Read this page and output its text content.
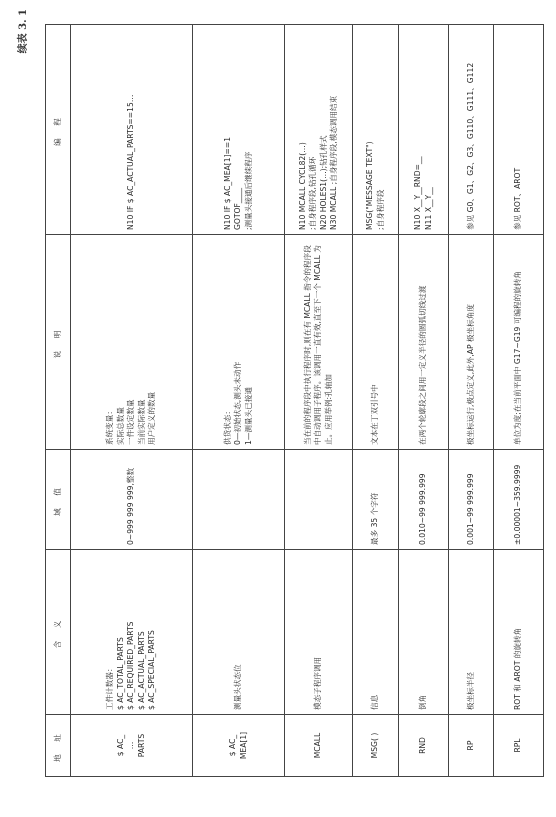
续表 3. 1
地 址	含 义	域 值	说 明	编 程
$ AC_
…
PARTS	工件计数器：
$ AC_TOTAL_PARTS
$ AC_REQUIRED_PARTS
$ AC_ACTUAL_PARTS
$ AC_SPECIAL_PARTS	0~999 999 999,整数	系统变量：
实际总数量
一件设定数量
当前实际数量
用户定义的数量	N10 IF $ AC_ACTUAL_PARTS==15…
$ AC_
MEA[1]	测量头状态位		供货状态：
0—初始状态,测头未动作
1—测量头已接通	N10 IF $ AC_MEA[1]==1
GOTOF____
;测量头接通后继续程序
MCALL	模态子程序调用		当在前的程序段中执行程序时,则在有 MCALL 指令的程序段中自动调用子程序。该调用一直有效,直至下一个 MCALL 为止。应用举例:孔轴加	N10 MCALL CYCL82(…)
;自身程序段,钻孔循环
N20 HOLES1(…);钻孔样式
N30 MCALL ;自身程序段,模态调用结束
MSG( )	信息	最多 35 个字符	文本在丁双引号中	MSG("MESSAGE TEXT")
;自身程序段
RND	倒角	0.010~99 999.999	在两个轮廓段之间用一定义半径的圆弧切线过渡	N10 X__Y__RND=__
N11 X__Y__
RP	极坐标半径	0.001~99 999.999	极坐标运行,极点定义,此外,AP 极坐标角度	参见 G0、G1、G2、G3、G110、G111、G112
RPL	ROT 和 AROT 的旋转角	±0.00001~359.9999	单位为度;在当前平面中 G17~G19 可编程的旋转角	参见 ROT、AROT
